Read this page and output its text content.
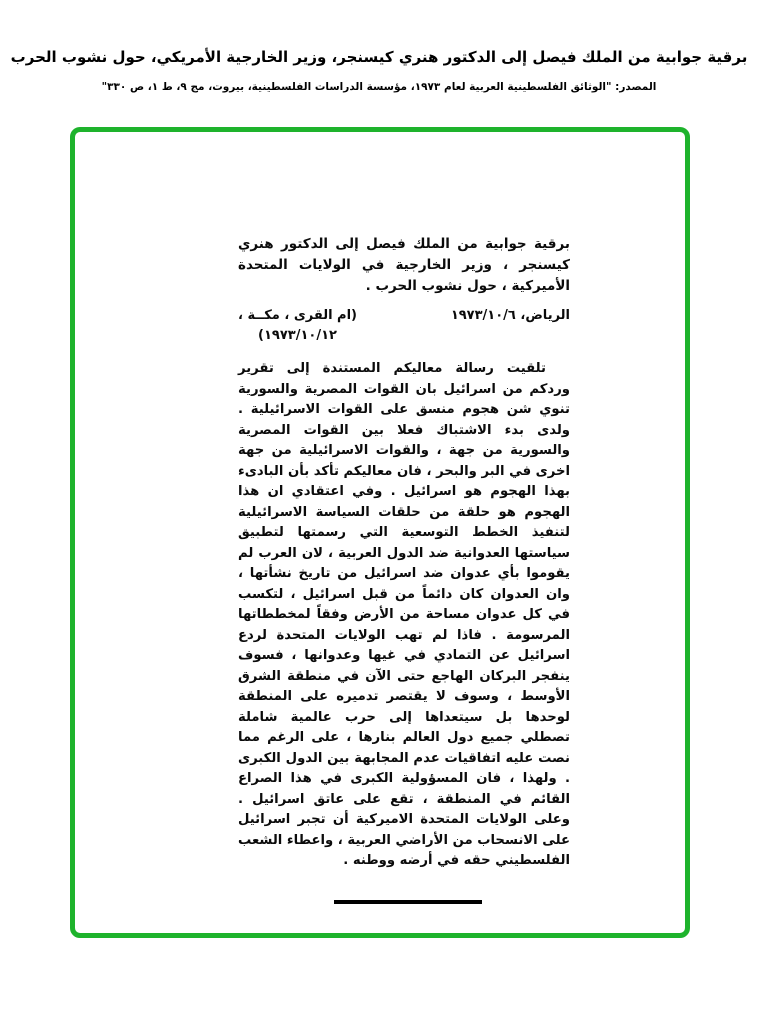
برقية جوابية من الملك فيصل إلى الدكتور هنري كيسنجر، وزير الخارجية الأمريكي، حول نشوب الحرب
المصدر: "الوثائق الفلسطينية العربية لعام ١٩٧٣، مؤسسة الدراسات الفلسطينية، بيروت، مج ٩، ط ١، ص ٣٣٠"

برقية جوابية من الملك فيصل إلى الدكتور هنري كيسنجر ، وزير الخارجية في الولايات المتحدة الأميركية ، حول نشوب الحرب .

الرياض، ١٩٧٣/١٠/٦
(ام القرى ، مكــة ،
١٩٧٣/١٠/١٢)

تلقيت رسالة معاليكم المستندة إلى تقرير وردكم من اسرائيل بان القوات المصرية والسورية تنوي شن هجوم منسق على القوات الاسرائيلية . ولدى بدء الاشتباك فعلا بين القوات المصرية والسورية من جهة ، والقوات الاسرائيلية من جهة اخرى في البر والبحر ، فان معاليكم تأكد بأن البادىء بهذا الهجوم هو اسرائيل . وفي اعتقادي ان هذا الهجوم هو حلقة من حلقات السياسة الاسرائيلية لتنفيذ الخطط التوسعية التي رسمتها لتطبيق سياستها العدوانية ضد الدول العربية ، لان العرب لم يقوموا بأي عدوان ضد اسرائيل من تاريخ نشأتها ، وان العدوان كان دائماً من قبل اسرائيل ، لتكسب في كل عدوان مساحة من الأرض وفقاً لمخططاتها المرسومة . فاذا لم تهب الولايات المتحدة لردع اسرائيل عن التمادي في غيها وعدوانها ، فسوف ينفجر البركان الهاجع حتى الآن في منطقة الشرق الأوسط ، وسوف لا يقتصر تدميره على المنطقة لوحدها بل سيتعداها إلى حرب عالمية شاملة تصطلي جميع دول العالم بنارها ، على الرغم مما نصت عليه اتفاقيات عدم المجابهة بين الدول الكبرى . ولهذا ، فان المسؤولية الكبرى في هذا الصراع القائم في المنطقة ، تقع على عاتق اسرائيل . وعلى الولايات المتحدة الاميركية أن تجبر اسرائيل على الانسحاب من الأراضي العربية ، واعطاء الشعب الفلسطيني حقه في أرضه ووطنه .
